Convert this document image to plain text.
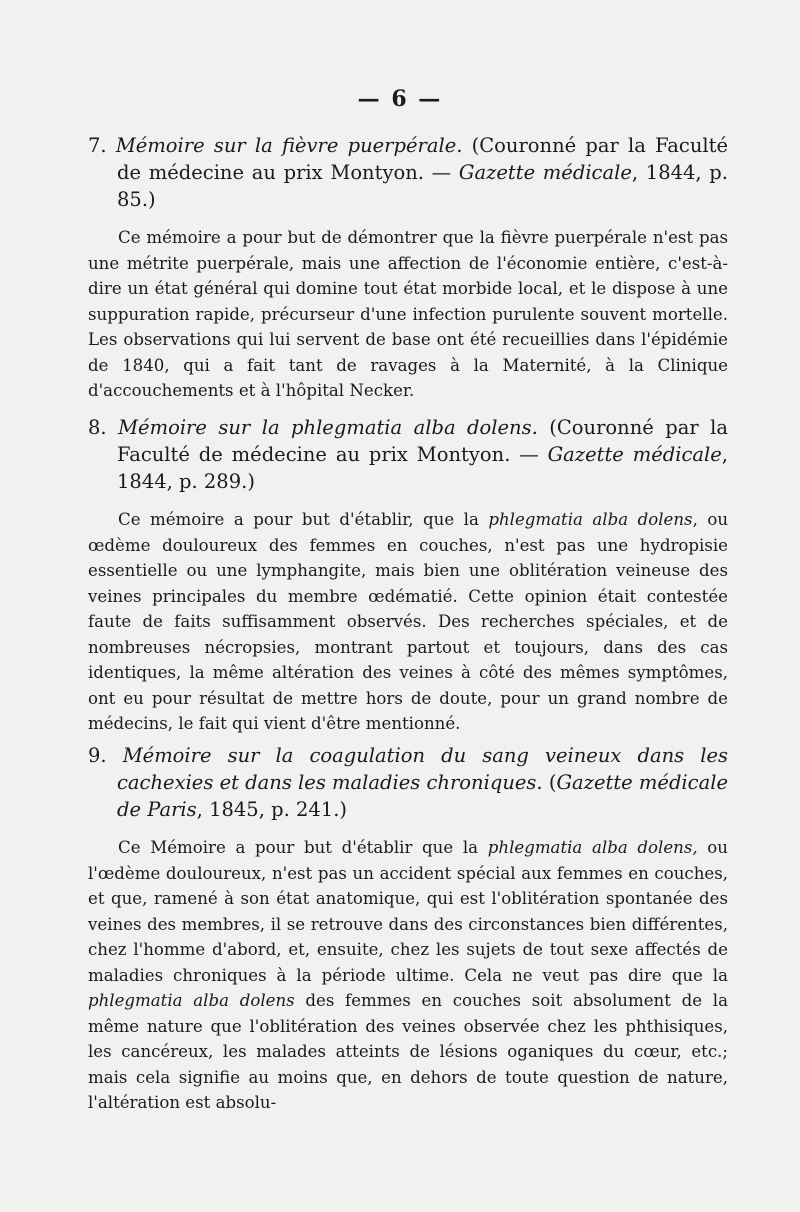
— 6 —

7. Mémoire sur la fièvre puerpérale. (Couronné par la Faculté de médecine au prix Montyon. — Gazette médicale, 1844, p. 85.)

Ce mémoire a pour but de démontrer que la fièvre puerpérale n'est pas une métrite puerpérale, mais une affection de l'économie entière, c'est-à-dire un état général qui domine tout état morbide local, et le dispose à une suppuration rapide, précurseur d'une infection purulente souvent mortelle. Les observations qui lui servent de base ont été recueillies dans l'épidémie de 1840, qui a fait tant de ravages à la Maternité, à la Clinique d'accouchements et à l'hôpital Necker.

8. Mémoire sur la phlegmatia alba dolens. (Couronné par la Faculté de médecine au prix Montyon. — Gazette médicale, 1844, p. 289.)

Ce mémoire a pour but d'établir, que la phlegmatia alba dolens, ou œdème douloureux des femmes en couches, n'est pas une hydropisie essentielle ou une lymphangite, mais bien une oblitération veineuse des veines principales du membre œdématié. Cette opinion était contestée faute de faits suffisamment observés. Des recherches spéciales, et de nombreuses nécropsies, montrant partout et toujours, dans des cas identiques, la même altération des veines à côté des mêmes symptômes, ont eu pour résultat de mettre hors de doute, pour un grand nombre de médecins, le fait qui vient d'être mentionné.

9. Mémoire sur la coagulation du sang veineux dans les cachexies et dans les maladies chroniques. (Gazette médicale de Paris, 1845, p. 241.)

Ce Mémoire a pour but d'établir que la phlegmatia alba dolens, ou l'œdème douloureux, n'est pas un accident spécial aux femmes en couches, et que, ramené à son état anatomique, qui est l'oblitération spontanée des veines des membres, il se retrouve dans des circonstances bien différentes, chez l'homme d'abord, et, ensuite, chez les sujets de tout sexe affectés de maladies chroniques à la période ultime. Cela ne veut pas dire que la phlegmatia alba dolens des femmes en couches soit absolument de la même nature que l'oblitération des veines observée chez les phthisiques, les cancéreux, les malades atteints de lésions oganiques du cœur, etc.; mais cela signifie au moins que, en dehors de toute question de nature, l'altération est absolu-
